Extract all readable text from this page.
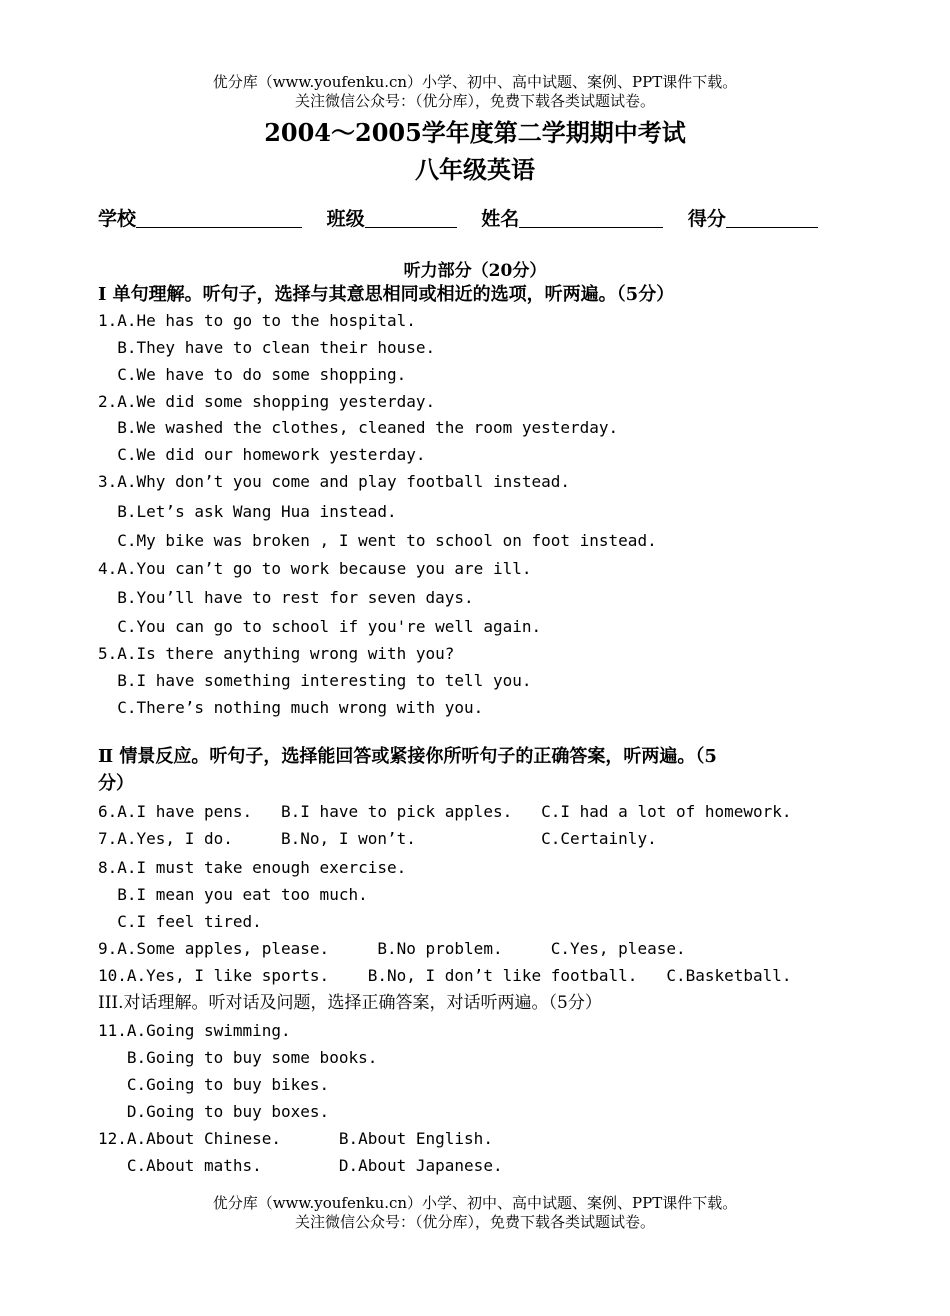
优分库（www.youfenku.cn）小学、初中、高中试题、案例、PPT课件下载。
关注微信公众号：（优分库），免费下载各类试题试卷。
2004～2005学年度第二学期期中考试
八年级英语
学校	班级	姓名	得分
听力部分（20分）
Ⅰ 单句理解。听句子，选择与其意思相同或相近的选项，听两遍。（5分）
1.A.He has to go to the hospital.
B.They have to clean their house.
C.We have to do some shopping.
2.A.We did some shopping yesterday.
B.We washed the clothes, cleaned the room yesterday.
C.We did our homework yesterday.
3.A.Why don’t you come and play football instead.
B.Let’s ask Wang Hua instead.
C.My bike was broken , I went to school on foot instead.
4.A.You can’t go to work because you are ill.
B.You’ll have to rest for seven days.
C.You can go to school if you're well again.
5.A.Is there anything wrong with you?
B.I have something interesting to tell you.
C.There’s nothing much wrong with you.
Ⅱ 情景反应。听句子，选择能回答或紧接你所听句子的正确答案，听两遍。（5
分）
6.A.I have pens.   B.I have to pick apples.   C.I had a lot of homework.
7.A.Yes, I do.     B.No, I won’t.             C.Certainly.
8.A.I must take enough exercise.
B.I mean you eat too much.
C.I feel tired.
9.A.Some apples, please.     B.No problem.     C.Yes, please.
10.A.Yes, I like sports.    B.No, I don’t like football.   C.Basketball.
III.对话理解。听对话及问题，选择正确答案，对话听两遍。（5分）
11.A.Going swimming.
B.Going to buy some books.
C.Going to buy bikes.
D.Going to buy boxes.
12.A.About Chinese.      B.About English.
C.About maths.        D.About Japanese.
优分库（www.youfenku.cn）小学、初中、高中试题、案例、PPT课件下载。
关注微信公众号：（优分库），免费下载各类试题试卷。
